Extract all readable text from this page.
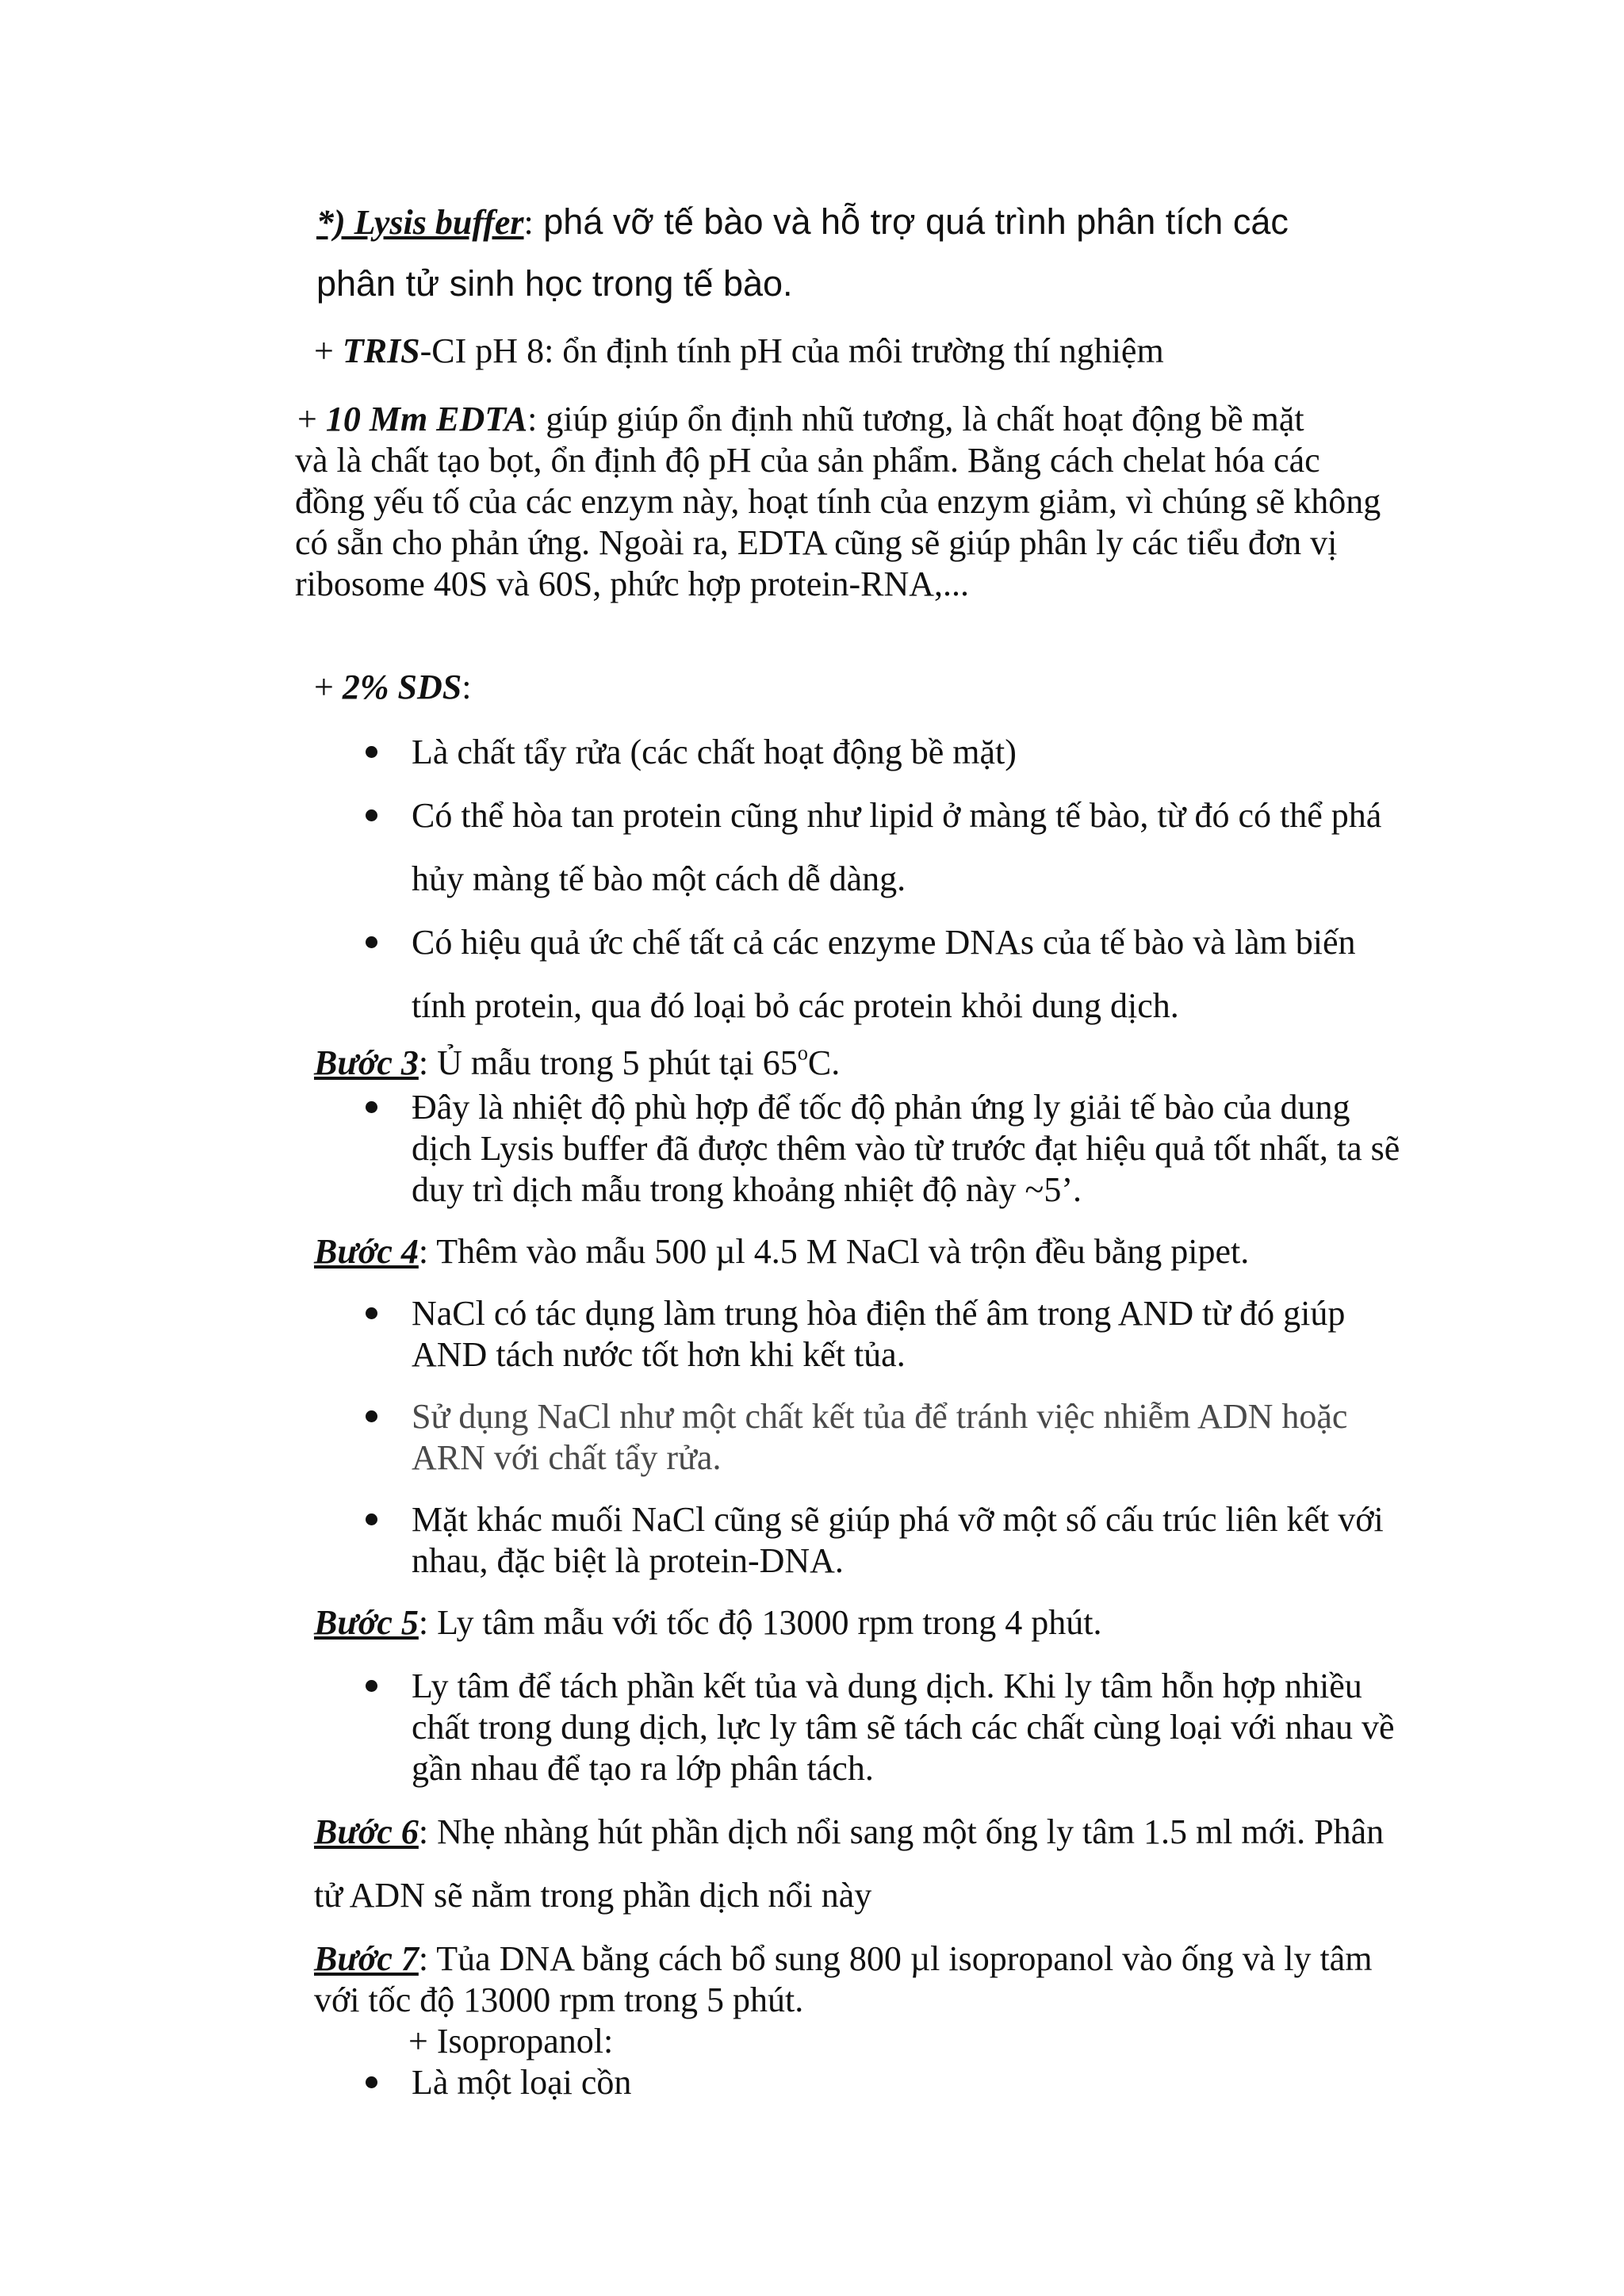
*) Lysis buffer: phá vỡ tế bào và hỗ trợ quá trình phân tích các

phân tử sinh học trong tế bào.

+ TRIS-CI pH 8: ổn định tính pH của môi trường thí nghiệm

+ 10 Mm EDTA: giúp giúp ổn định nhũ tương, là chất hoạt động bề mặt

và là chất tạo bọt, ổn định độ pH của sản phẩm. Bằng cách chelat hóa các

đồng yếu tố của các enzym này, hoạt tính của enzym giảm, vì chúng sẽ không

có sẵn cho phản ứng. Ngoài ra, EDTA cũng sẽ giúp phân ly các tiểu đơn vị

ribosome 40S và 60S, phức hợp protein-RNA,...

+ 2% SDS:

Là chất tẩy rửa (các chất hoạt động bề mặt)

Có thể hòa tan protein cũng như lipid ở màng tế bào, từ đó có thể phá

hủy màng tế bào một cách dễ dàng.

Có hiệu quả ức chế tất cả các enzyme DNAs của tế bào và làm biến

tính protein, qua đó loại bỏ các protein khỏi dung dịch.

Bước 3: Ủ mẫu trong 5 phút tại 65$^o$C.

Đây là nhiệt độ phù hợp để tốc độ phản ứng ly giải tế bào của dung

dịch Lysis buffer đã được thêm vào từ trước đạt hiệu quả tốt nhất, ta sẽ

duy trì dịch mẫu trong khoảng nhiệt độ này ~5’.

Bước 4: Thêm vào mẫu 500 µl 4.5 M NaCl và trộn đều bằng pipet.

NaCl có tác dụng làm trung hòa điện thế âm trong AND từ đó giúp

AND tách nước tốt hơn khi kết tủa.

Sử dụng NaCl như một chất kết tủa để tránh việc nhiễm ADN hoặc

ARN với chất tẩy rửa.

Mặt khác muối NaCl cũng sẽ giúp phá vỡ một số cấu trúc liên kết với

nhau, đặc biệt là protein-DNA.

Bước 5: Ly tâm mẫu với tốc độ 13000 rpm trong 4 phút.

Ly tâm để tách phần kết tủa và dung dịch. Khi ly tâm hỗn hợp nhiều

chất trong dung dịch, lực ly tâm sẽ tách các chất cùng loại với nhau về

gần nhau để tạo ra lớp phân tách.

Bước 6: Nhẹ nhàng hút phần dịch nổi sang một ống ly tâm 1.5 ml mới. Phân

tử ADN sẽ nằm trong phần dịch nổi này

Bước 7: Tủa DNA bằng cách bổ sung 800 µl isopropanol vào ống và ly tâm

với tốc độ 13000 rpm trong 5 phút.

+ Isopropanol:

Là một loại cồn
